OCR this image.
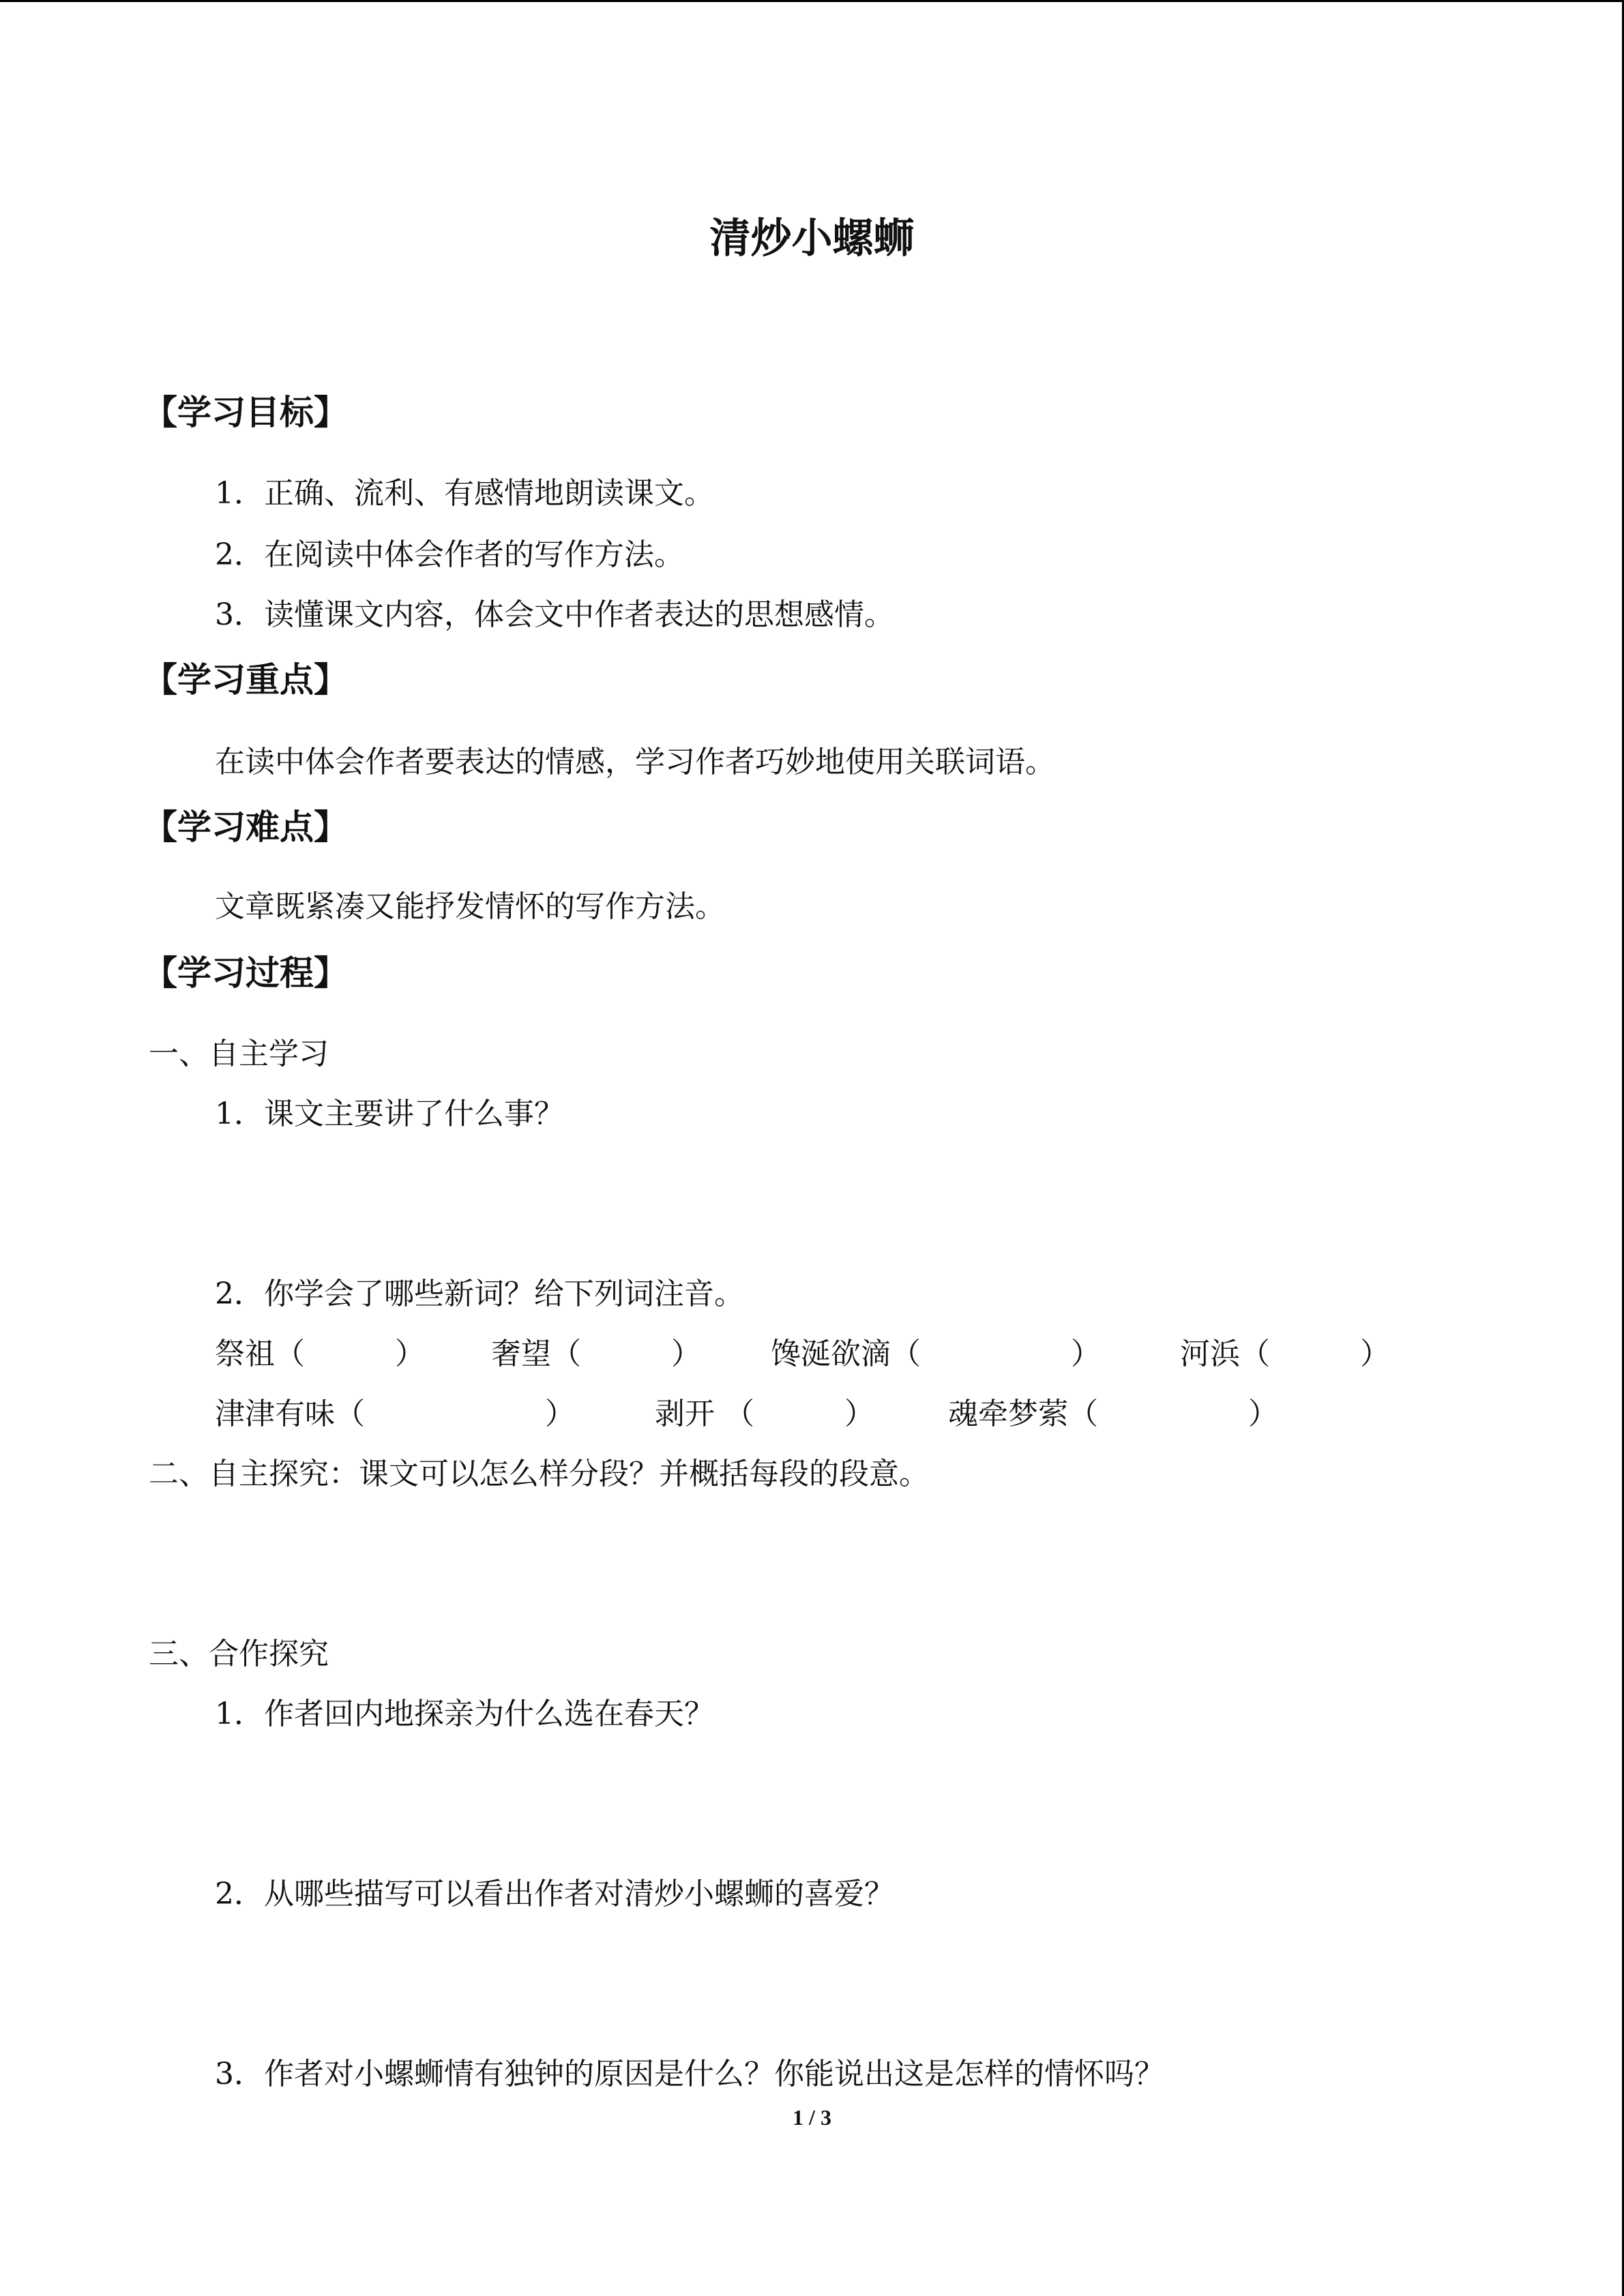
清炒小螺蛳
【学习目标】
1．正确、流利、有感情地朗读课文。
2．在阅读中体会作者的写作方法。
3．读懂课文内容，体会文中作者表达的思想感情。
【学习重点】
在读中体会作者要表达的情感，学习作者巧妙地使用关联词语。
【学习难点】
文章既紧凑又能抒发情怀的写作方法。
【学习过程】
一、自主学习
1．课文主要讲了什么事？
2．你学会了哪些新词？给下列词注音。

祭祖（　　　）

奢望（　　　）

馋涎欲滴（　　　　　）

	河浜（　　　）

津津有味（　　　　　　）

	剥开 （　　　）

魂牵梦萦（　　　　　）

二、自主探究：课文可以怎么样分段？并概括每段的段意。
三、合作探究
1．作者回内地探亲为什么选在春天？
2．从哪些描写可以看出作者对清炒小螺蛳的喜爱？
3．作者对小螺蛳情有独钟的原因是什么？你能说出这是怎样的情怀吗？
1 / 3
